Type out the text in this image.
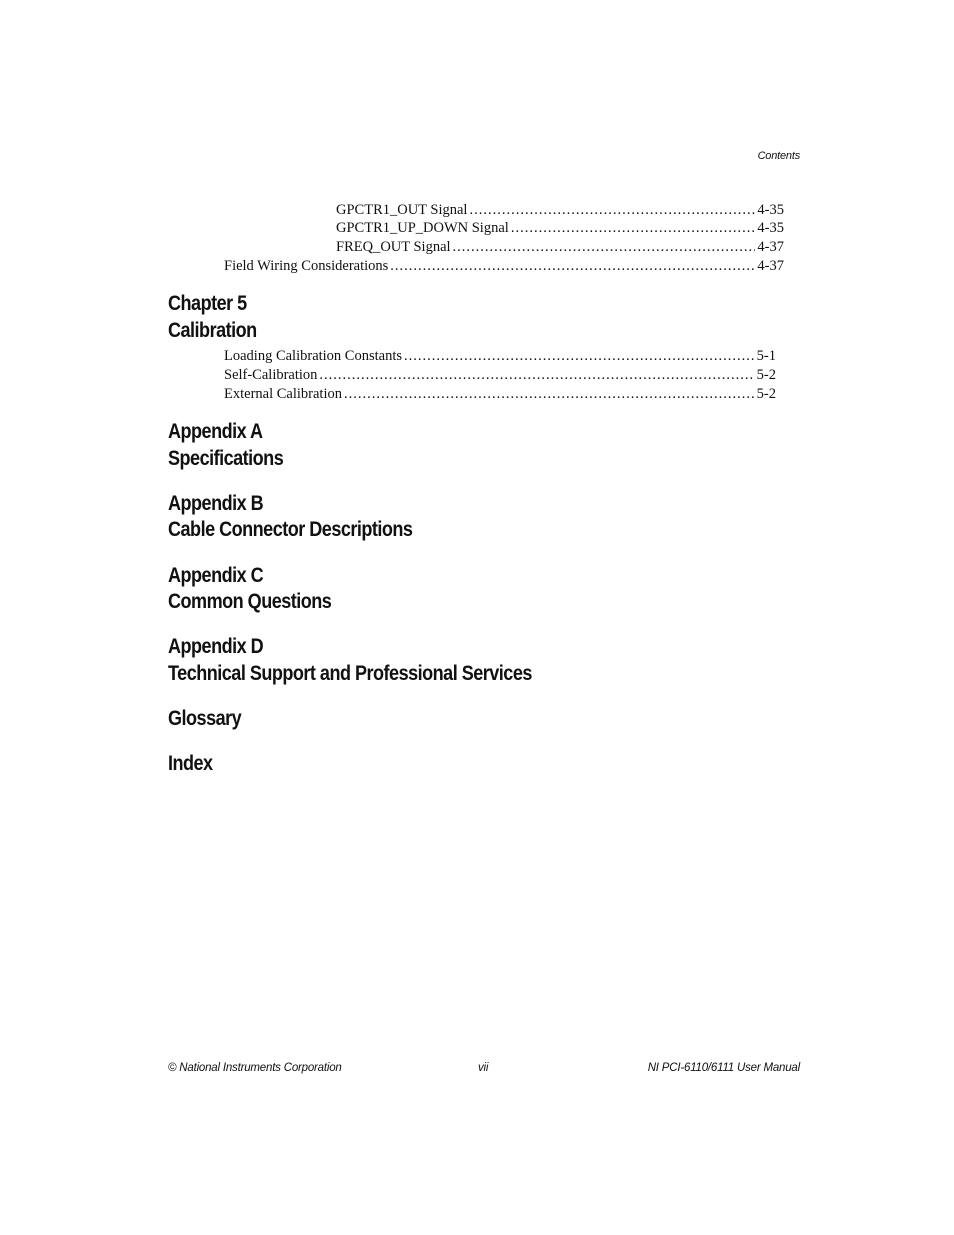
Contents
GPCTR1_OUT Signal .....	4-35
GPCTR1_UP_DOWN Signal .....	4-35
FREQ_OUT Signal .....	4-37
Field Wiring Considerations .....	4-37
Chapter 5
Calibration
Loading Calibration Constants .....	5-1
Self-Calibration .....	5-2
External Calibration .....	5-2
Appendix A
Specifications
Appendix B
Cable Connector Descriptions
Appendix C
Common Questions
Appendix D
Technical Support and Professional Services
Glossary
Index
© National Instruments Corporation	vii	NI PCI-6110/6111 User Manual
